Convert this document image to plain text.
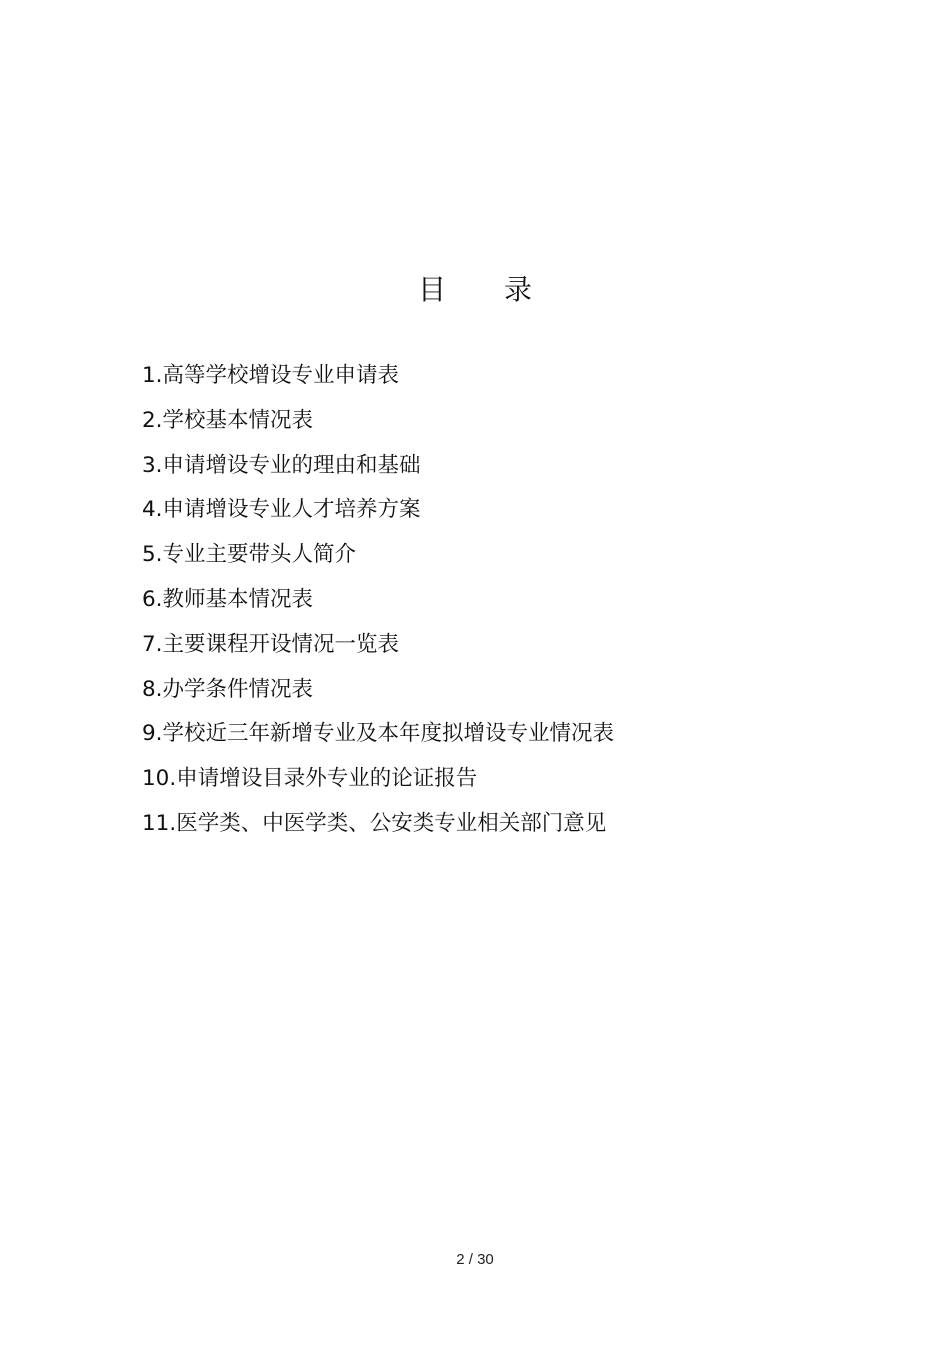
目 录
1.高等学校增设专业申请表
2.学校基本情况表
3.申请增设专业的理由和基础
4.申请增设专业人才培养方案
5.专业主要带头人简介
6.教师基本情况表
7.主要课程开设情况一览表
8.办学条件情况表
9.学校近三年新增专业及本年度拟增设专业情况表
10.申请增设目录外专业的论证报告
11.医学类、中医学类、公安类专业相关部门意见
2 / 30
